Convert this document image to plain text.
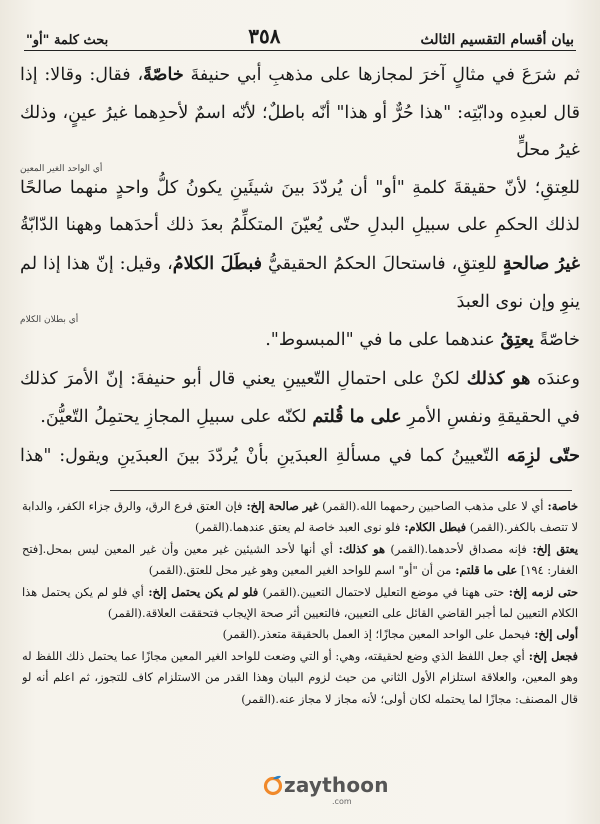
بيان أقسام التقسيم الثالث
٣٥٨
بحث كلمة "أو"

ثم شرَعَ في مثالٍ آخرَ لمجازها على مذهبِ أبي حنيفةَ خاصّةً، فقال: وقالا: إذا قال لعبدِه ودابّتِه: "هذا حُرٌّ أو هذا" أنّه باطلٌ؛ لأنّه اسمٌ لأحدِهما غيرُ عينٍ، وذلك غيرُ محلٍّ

أي الواحد الغير المعين

للعِتقِ؛ لأنّ حقيقةَ كلمةِ "أو" أن يُردّدَ بينَ شيئَينِ يكونُ كلُّ واحدٍ منهما صالحًا لذلك الحكمِ على سبيلِ البدلِ حتّى يُعيّنَ المتكلِّمُ بعدَ ذلك أحدَهما وههنا الدّابّةُ غيرُ صالحةٍ للعِتقِ، فاستحالَ الحكمُ الحقيقيُّ فبطَلَ الكلامُ، وقيل: إنّ هذا إذا لم ينوِ وإن نوى العبدَ

أي بطلان الكلام

خاصّةً يعتِقُ عندهما على ما في "المبسوط".

وعندَه هو كذلك لكنْ على احتمالِ التّعيينِ يعني قال أبو حنيفةَ: إنّ الأمرَ كذلك في الحقيقةِ ونفسِ الأمرِ على ما قُلتم لكنّه على سبيلِ المجازِ يحتمِلُ التّعيُّنَ.

حتّى لزِمَه التّعيينُ كما في مسألةِ العبدَينِ بأنْ يُردّدَ بينَ العبدَينِ ويقول: "هذا

خاصة: أي لا على مذهب الصاحبين رحمهما الله.(القمر) غير صالحة إلخ: فإن العتق فرع الرق، والرق جزاء الكفر، والدابة لا تتصف بالكفر.(القمر) فبطل الكلام: فلو نوى العبد خاصة لم يعتق عندهما.(القمر)

يعتق إلخ: فإنه مصداق لأحدهما.(القمر) هو كذلك: أي أنها لأحد الشيئين غير معين وأن غير المعين ليس بمحل.[فتح الغفار: ١٩٤] على ما قلتم: من أن "أو" اسم للواحد الغير المعين وهو غير محل للعتق.(القمر)

حتى لزمه إلخ: حتى ههنا في موضع التعليل لاحتمال التعيين.(القمر) فلو لم يكن يحتمل إلخ: أي فلو لم يكن يحتمل هذا الكلام التعيين لما أجبر القاضي القائل على التعيين، فالتعيين أثر صحة الإيجاب فتحققت العلاقة.(القمر)

أولى إلخ: فيحمل على الواحد المعين مجازًا؛ إذ العمل بالحقيقة متعذر.(القمر)

فجعل إلخ: أي جعل اللفظ الذي وضع لحقيقته، وهي: أو التي وضعت للواحد الغير المعين مجازًا عما يحتمل ذلك اللفظ له وهو المعين، والعلاقة استلزام الأول الثاني من حيث لزوم البيان وهذا القدر من الاستلزام كاف للتجوز، ثم اعلم أنه لو قال المصنف: مجازًا لما يحتمله لكان أولى؛ لأنه مجاز لا مجاز عنه.(القمر)

zaythoon
.com
